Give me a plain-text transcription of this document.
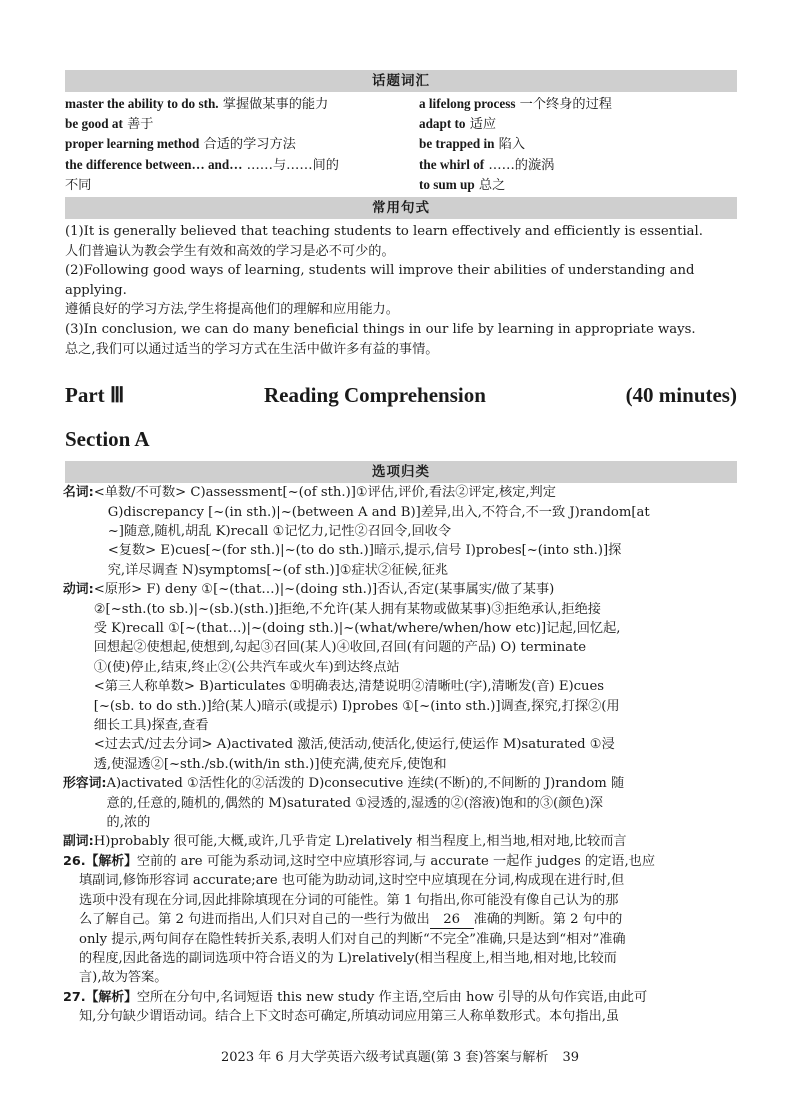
话题词汇
master the ability to do sth. 掌握做某事的能力
be good at 善于
proper learning method 合适的学习方法
the difference between… and… ……与……间的
不同
a lifelong process 一个终身的过程
adapt to 适应
be trapped in 陷入
the whirl of ……的漩涡
to sum up 总之
常用句式

(1)It is generally believed that teaching students to learn effectively and efficiently is essential.

人们普遍认为教会学生有效和高效的学习是必不可少的。

(2)Following good ways of learning, students will improve their abilities of understanding and applying.

遵循良好的学习方法,学生将提高他们的理解和应用能力。

(3)In conclusion, we can do many beneficial things in our life by learning in appropriate ways.

总之,我们可以通过适当的学习方式在生活中做许多有益的事情。

Part Ⅲ	Reading Comprehension	(40 minutes)
Section A
选项归类
名词: <单数/不可数> C)assessment[~(of sth.)]①评估,评价,看法②评定,核定,判定

G)discrepancy [~(in sth.)|~(between A and B)]差异,出入,不符合,不一致 J)random[at

~]随意,随机,胡乱 K)recall ①记忆力,记性②召回令,回收令

<复数> E)cues[~(for sth.)|~(to do sth.)]暗示,提示,信号 I)probes[~(into sth.)]探

究,详尽调查 N)symptoms[~(of sth.)]①症状②征候,征兆

动词: <原形> F) deny ①[~(that…)|~(doing sth.)]否认,否定(某事属实/做了某事)

②[~sth.(to sb.)|~(sb.)(sth.)]拒绝,不允许(某人拥有某物或做某事)③拒绝承认,拒绝接

受 K)recall ①[~(that…)|~(doing sth.)|~(what/where/when/how etc)]记起,回忆起,

回想起②使想起,使想到,勾起③召回(某人)④收回,召回(有问题的产品) O) terminate

①(使)停止,结束,终止②(公共汽车或火车)到达终点站

<第三人称单数> B)articulates ①明确表达,清楚说明②清晰吐(字),清晰发(音) E)cues

[~(sb. to do sth.)]给(某人)暗示(或提示) I)probes ①[~(into sth.)]调查,探究,打探②(用

细长工具)探查,查看

<过去式/过去分词> A)activated 激活,使活动,使活化,使运行,使运作 M)saturated ①浸

透,使湿透②[~sth./sb.(with/in sth.)]使充满,使充斥,使饱和

形容词: A)activated ①活性化的②活泼的 D)consecutive 连续(不断)的,不间断的 J)random 随

意的,任意的,随机的,偶然的 M)saturated ①浸透的,湿透的②(溶液)饱和的③(颜色)深

的,浓的

副词: H)probably 很可能,大概,或许,几乎肯定 L)relatively 相当程度上,相当地,相对地,比较而言

26.【解析】 空前的 are 可能为系动词,这时空中应填形容词,与 accurate 一起作 judges 的定语,也应

填副词,修饰形容词 accurate;are 也可能为助动词,这时空中应填现在分词,构成现在进行时,但

选项中没有现在分词,因此排除填现在分词的可能性。第 1 句指出,你可能没有像自己认为的那

么了解自己。第 2 句进而指出,人们只对自己的一些行为做出 26 准确的判断。第 2 句中的

only 提示,两句间存在隐性转折关系,表明人们对自己的判断“不完全”准确,只是达到“相对”准确

的程度,因此备选的副词选项中符合语义的为 L)relatively(相当程度上,相当地,相对地,比较而

言),故为答案。

27.【解析】 空所在分句中,名词短语 this new study 作主语,空后由 how 引导的从句作宾语,由此可

知,分句缺少谓语动词。结合上下文时态可确定,所填动词应用第三人称单数形式。本句指出,虽

2023 年 6 月大学英语六级考试真题(第 3 套)答案与解析 39
